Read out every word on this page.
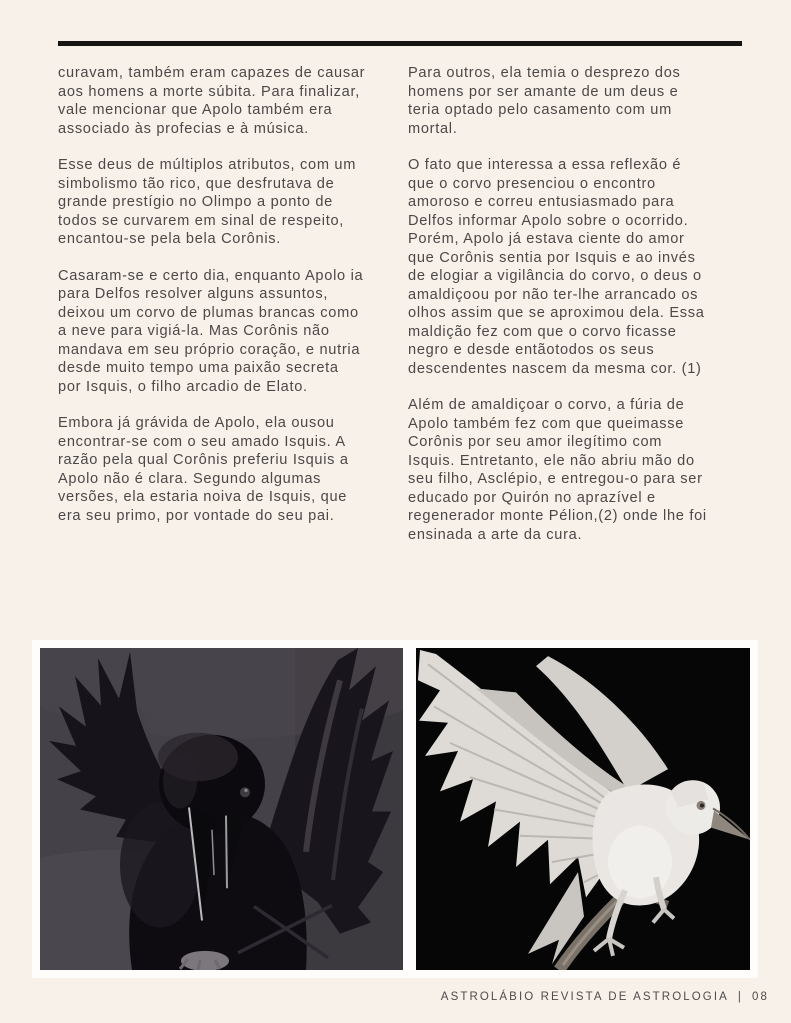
curavam, também eram capazes de causar aos homens a morte súbita. Para finalizar, vale mencionar que Apolo também era associado às profecias e à música.

Esse deus de múltiplos atributos, com um simbolismo tão rico, que desfrutava de grande prestígio no Olimpo a ponto de todos se curvarem em sinal de respeito, encantou-se pela bela Corônis.

Casaram-se e certo dia, enquanto Apolo ia para Delfos resolver alguns assuntos, deixou um corvo de plumas brancas como a neve para vigiá-la. Mas Corônis não mandava em seu próprio coração, e nutria desde muito tempo uma paixão secreta por Isquis, o filho arcadio de Elato.

Embora já grávida de Apolo, ela ousou encontrar-se com o seu amado Isquis. A razão pela qual Corônis preferiu Isquis a Apolo não é clara. Segundo algumas versões, ela estaria noiva de Isquis, que era seu primo, por vontade do seu pai.

Para outros, ela temia o desprezo dos homens por ser amante de um deus e teria optado pelo casamento com um mortal.

O fato que interessa a essa reflexão é que o corvo presenciou o encontro amoroso e correu entusiasmado para Delfos informar Apolo sobre o ocorrido. Porém, Apolo já estava ciente do amor que Corônis sentia por Isquis e ao invés de elogiar a vigilância do corvo, o deus o amaldiçoou por não ter-lhe arrancado os olhos assim que se aproximou dela. Essa maldição fez com que o corvo ficasse negro e desde entãotodos os seus descendentes nascem da mesma cor. (1)

Além de amaldiçoar o corvo, a fúria de Apolo também fez com que queimasse Corônis por seu amor ilegítimo com Isquis. Entretanto, ele não abriu mão do seu filho, Asclépio, e entregou-o para ser educado por Quirón no aprazível e regenerador monte Pélion,(2) onde lhe foi ensinada a arte da cura.

ASTROLÁBIO REVISTA DE ASTROLOGIA | 08
